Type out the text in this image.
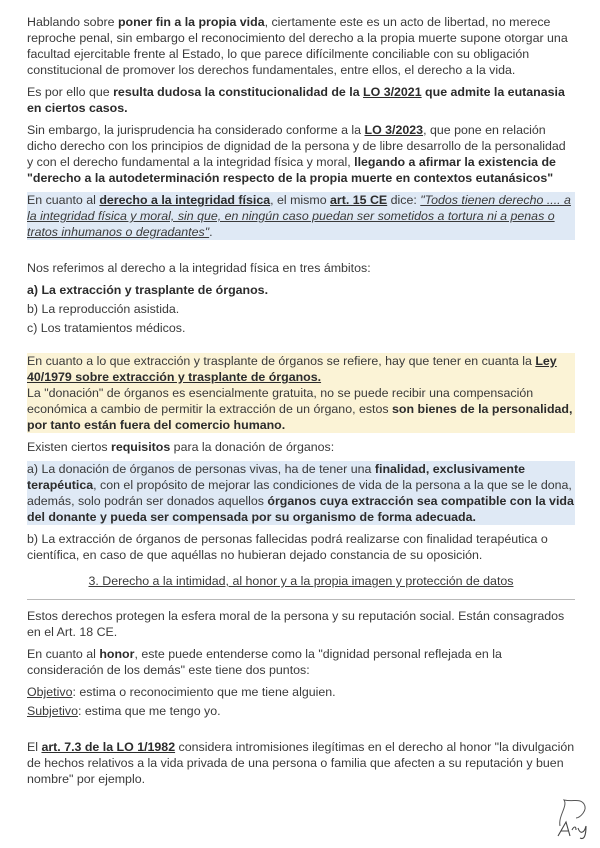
Hablando sobre poner fin a la propia vida, ciertamente este es un acto de libertad, no merece reproche penal, sin embargo el reconocimiento del derecho a la propia muerte supone otorgar una facultad ejercitable frente al Estado, lo que parece difícilmente conciliable con su obligación constitucional de promover los derechos fundamentales, entre ellos, el derecho a la vida.

Es por ello que resulta dudosa la constitucionalidad de la LO 3/2021 que admite la eutanasia en ciertos casos.

Sin embargo, la jurisprudencia ha considerado conforme a la LO 3/2023, que pone en relación dicho derecho con los principios de dignidad de la persona y de libre desarrollo de la personalidad y con el derecho fundamental a la integridad física y moral, llegando a afirmar la existencia de "derecho a la autodeterminación respecto de la propia muerte en contextos eutanásicos"

En cuanto al derecho a la integridad física, el mismo art. 15 CE dice: "Todos tienen derecho .... a la integridad física y moral, sin que, en ningún caso puedan ser sometidos a tortura ni a penas o tratos inhumanos o degradantes".

Nos referimos al derecho a la integridad física en tres ámbitos:

a) La extracción y trasplante de órganos.

b) La reproducción asistida.

c) Los tratamientos médicos.

En cuanto a lo que extracción y trasplante de órganos se refiere, hay que tener en cuanta la Ley 40/1979 sobre extracción y trasplante de órganos.
La "donación" de órganos es esencialmente gratuita, no se puede recibir una compensación económica a cambio de permitir la extracción de un órgano, estos son bienes de la personalidad, por tanto están fuera del comercio humano.

Existen ciertos requisitos para la donación de órganos:

a) La donación de órganos de personas vivas, ha de tener una finalidad, exclusivamente terapéutica, con el propósito de mejorar las condiciones de vida de la persona a la que se le dona, además, solo podrán ser donados aquellos órganos cuya extracción sea compatible con la vida del donante y pueda ser compensada por su organismo de forma adecuada.

b) La extracción de órganos de personas fallecidas podrá realizarse con finalidad terapéutica o científica, en caso de que aquéllas no hubieran dejado constancia de su oposición.

3. Derecho a la intimidad, al honor y a la propia imagen y protección de datos

Estos derechos protegen la esfera moral de la persona y su reputación social. Están consagrados en el Art. 18 CE.

En cuanto al honor, este puede entenderse como la "dignidad personal reflejada en la consideración de los demás" este tiene dos puntos:

Objetivo: estima o reconocimiento que me tiene alguien.

Subjetivo: estima que me tengo yo.

El art. 7.3 de la LO 1/1982 considera intromisiones ilegítimas en el derecho al honor "la divulgación de hechos relativos a la vida privada de una persona o familia que afecten a su reputación y buen nombre" por ejemplo.
